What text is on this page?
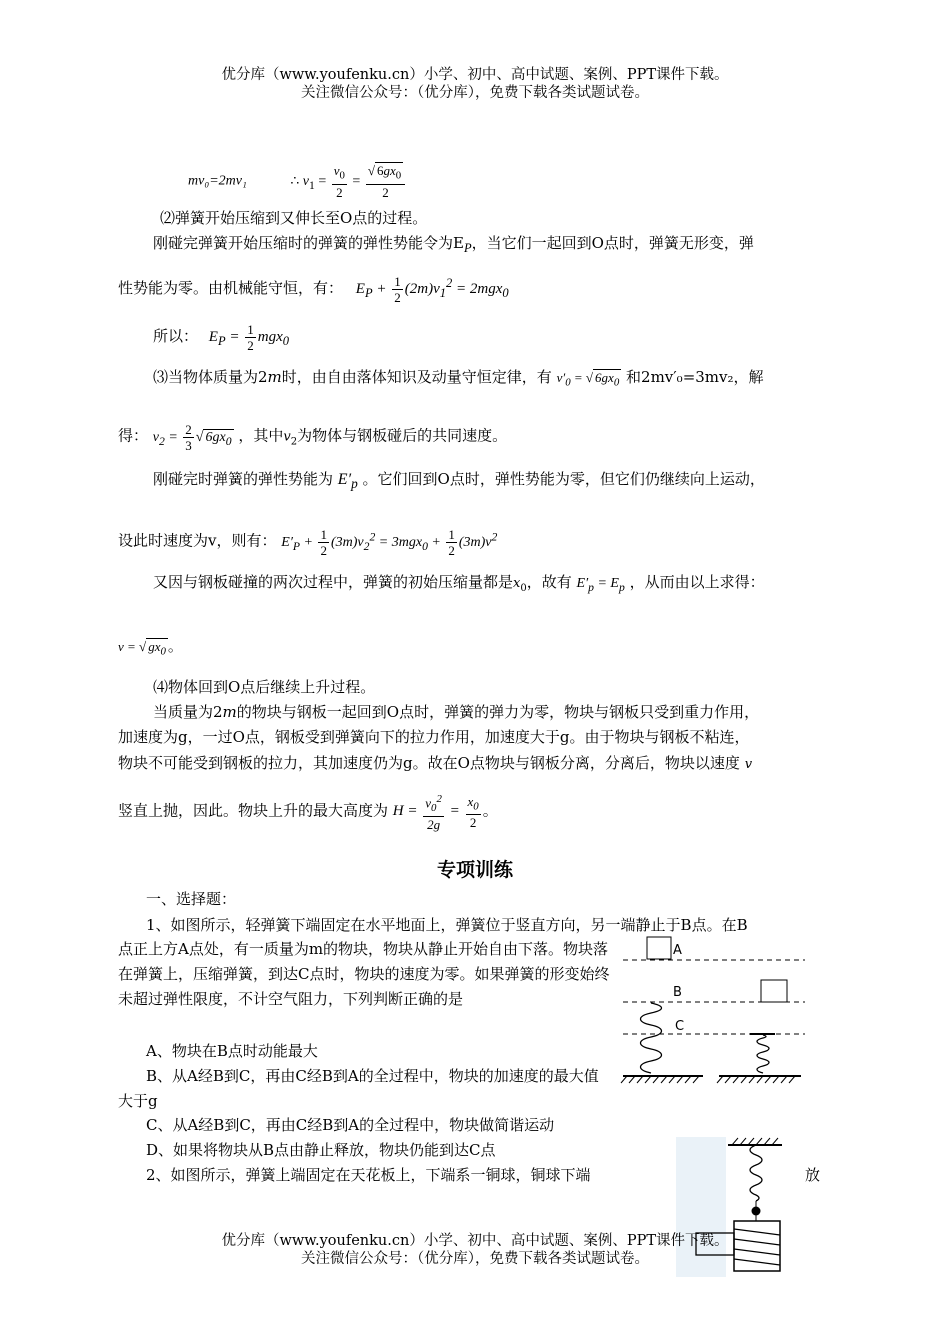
优分库（www.youfenku.cn）小学、初中、高中试题、案例、PPT课件下载。
关注微信公众号：（优分库），免费下载各类试题试卷。
mv₀=2mv₁	∴ $v_1 = \frac{v_0}{2} = \frac{√ 6gx_0}{2}$
⑵弹簧开始压缩到又伸长至O点的过程。
刚碰完弹簧开始压缩时的弹簧的弹性势能令为$E_P$，当它们一起回到O点时，弹簧无形变，弹
性势能为零。由机械能守恒，有： $E_P + \frac{1}{2} (2m)v_1^2 = 2mgx_0$
所以： $E_P = \frac{1}{2} mgx_0$
⑶当物体质量为2m时，由自由落体知识及动量守恒定律，有 $v'_0$ = √ $6gx_0$ 和2mv′₀=3mv₂，解
得： $v_2 = \frac{2}{3}$ √ $6gx_0$ ，其中$v_2$为物体与钢板碰后的共同速度。
刚碰完时弹簧的弹性势能为 $E'_p$ 。它们回到O点时，弹性势能为零，但它们仍继续向上运动，
设此时速度为v，则有： $E'_P + \frac{1}{2} (3m)v_2^2 = 3mgx_0 + \frac{1}{2} (3m)v^2$
又因与钢板碰撞的两次过程中，弹簧的初始压缩量都是$x_0$，故有 $E'_p = E_p$ ，从而由以上求得：
v = √ $gx_0$ 。
⑷物体回到O点后继续上升过程。
当质量为2m的物块与钢板一起回到O点时，弹簧的弹力为零，物块与钢板只受到重力作用，
加速度为g，一过O点，钢板受到弹簧向下的拉力作用，加速度大于g。由于物块与钢板不粘连，
物块不可能受到钢板的拉力，其加速度仍为g。故在O点物块与钢板分离，分离后，物块以速度 v
竖直上抛，因此。物块上升的最大高度为 $H = \frac{v_0^2}{2g} = \frac{x_0}{2}$ 。
专项训练
一、选择题：
1、如图所示，轻弹簧下端固定在水平地面上，弹簧位于竖直方向，另一端静止于B点。在B
点正上方A点处，有一质量为m的物块，物块从静止开始自由下落。物块落在弹簧上，压缩弹簧，到达C点时，物块的速度为零。如果弹簧的形变始终未超过弹性限度，不计空气阻力，下列判断正确的是
A、物块在B点时动能最大
B、从A经B到C，再由C经B到A的全过程中，物块的加速度的最大值大于g
C、从A经B到C，再由C经B到A的全过程中，物块做简谐运动
D、如果将物块从B点由静止释放，物块仍能到达C点
2、如图所示，弹簧上端固定在天花板上，下端系一铜球，铜球下端	放
A
B
C
优分库（www.youfenku.cn）小学、初中、高中试题、案例、PPT课件下载。
关注微信公众号：（优分库），免费下载各类试题试卷。
